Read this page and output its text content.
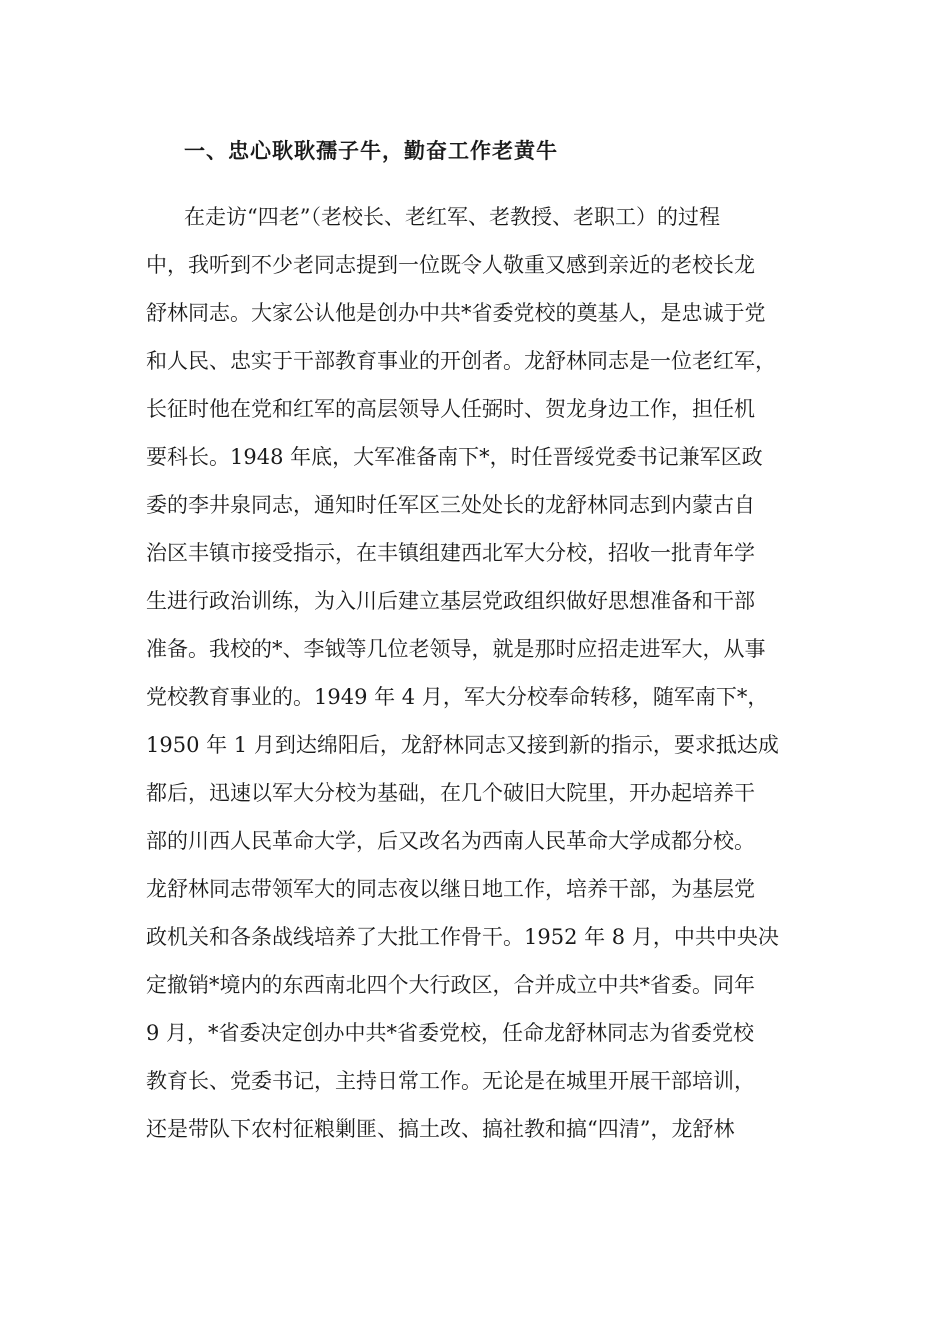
一、忠心耿耿孺子牛，勤奋工作老黄牛
在走访“四老”（老校长、老红军、老教授、老职工）的过程
中，我听到不少老同志提到一位既令人敬重又感到亲近的老校长龙
舒林同志。大家公认他是创办中共*省委党校的奠基人，是忠诚于党
和人民、忠实于干部教育事业的开创者。龙舒林同志是一位老红军，
长征时他在党和红军的高层领导人任弼时、贺龙身边工作，担任机
要科长。1948 年底，大军准备南下*，时任晋绥党委书记兼军区政
委的李井泉同志，通知时任军区三处处长的龙舒林同志到内蒙古自
治区丰镇市接受指示，在丰镇组建西北军大分校，招收一批青年学
生进行政治训练，为入川后建立基层党政组织做好思想准备和干部
准备。我校的*、李钺等几位老领导，就是那时应招走进军大，从事
党校教育事业的。1949 年 4 月，军大分校奉命转移，随军南下*，
1950 年 1 月到达绵阳后，龙舒林同志又接到新的指示，要求抵达成
都后，迅速以军大分校为基础，在几个破旧大院里，开办起培养干
部的川西人民革命大学，后又改名为西南人民革命大学成都分校。
龙舒林同志带领军大的同志夜以继日地工作，培养干部，为基层党
政机关和各条战线培养了大批工作骨干。1952 年 8 月，中共中央决
定撤销*境内的东西南北四个大行政区，合并成立中共*省委。同年
9 月，*省委决定创办中共*省委党校，任命龙舒林同志为省委党校
教育长、党委书记，主持日常工作。无论是在城里开展干部培训，
还是带队下农村征粮剿匪、搞土改、搞社教和搞“四清”，龙舒林
